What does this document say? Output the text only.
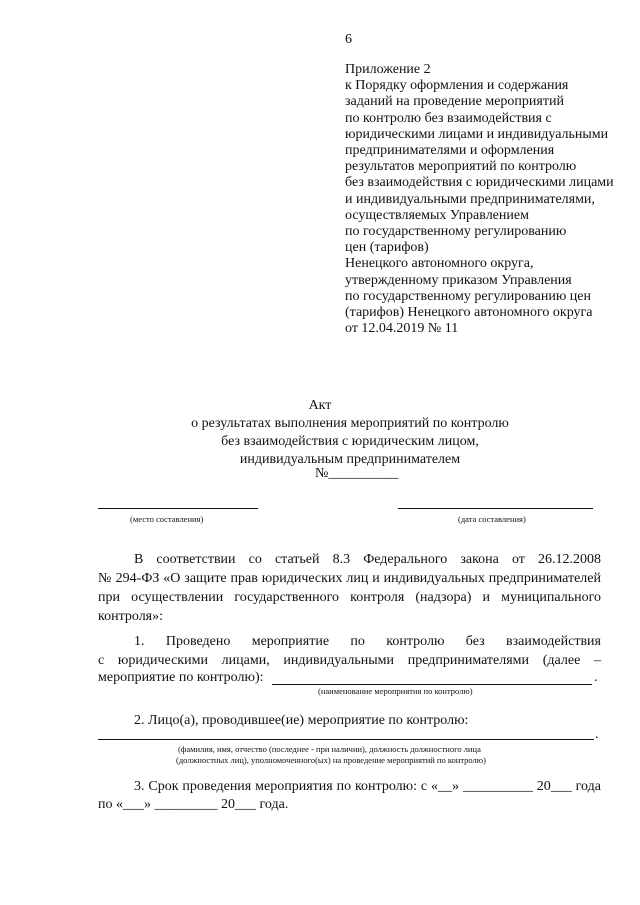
6
Приложение 2
к Порядку оформления и содержания
заданий на проведение мероприятий
по контролю без взаимодействия с
юридическими лицами и индивидуальными
предпринимателями и оформления
результатов мероприятий по контролю
без взаимодействия с юридическими лицами
и индивидуальными предпринимателями,
осуществляемых Управлением
по государственному регулированию
цен (тарифов)
Ненецкого автономного округа,
утвержденному приказом Управления
по государственному регулированию цен
(тарифов) Ненецкого автономного округа
от 12.04.2019 № 11
Акт
о результатах выполнения мероприятий по контролю
без взаимодействия с юридическим лицом,
индивидуальным предпринимателем
№__________
(место составления)	(дата составления)
В соответствии со статьей 8.3 Федерального закона от 26.12.2008
№ 294-ФЗ «О защите прав юридических лиц и индивидуальных предпринимателей
при осуществлении государственного контроля (надзора) и муниципального
контроля»:
1. Проведено мероприятие по контролю без взаимодействия
с юридическими лицами, индивидуальными предпринимателями (далее –
мероприятие по контролю):	.
(наименование мероприятия по контролю)
2. Лицо(а), проводившее(ие) мероприятие по контролю:
.
(фамилия, имя, отчество (последнее - при наличии), должность должностного лица
(должностных лиц), уполномоченного(ых) на проведение мероприятий по контролю)
3. Срок проведения мероприятия по контролю: с «__» __________ 20___ года
по «___» _________ 20___ года.
